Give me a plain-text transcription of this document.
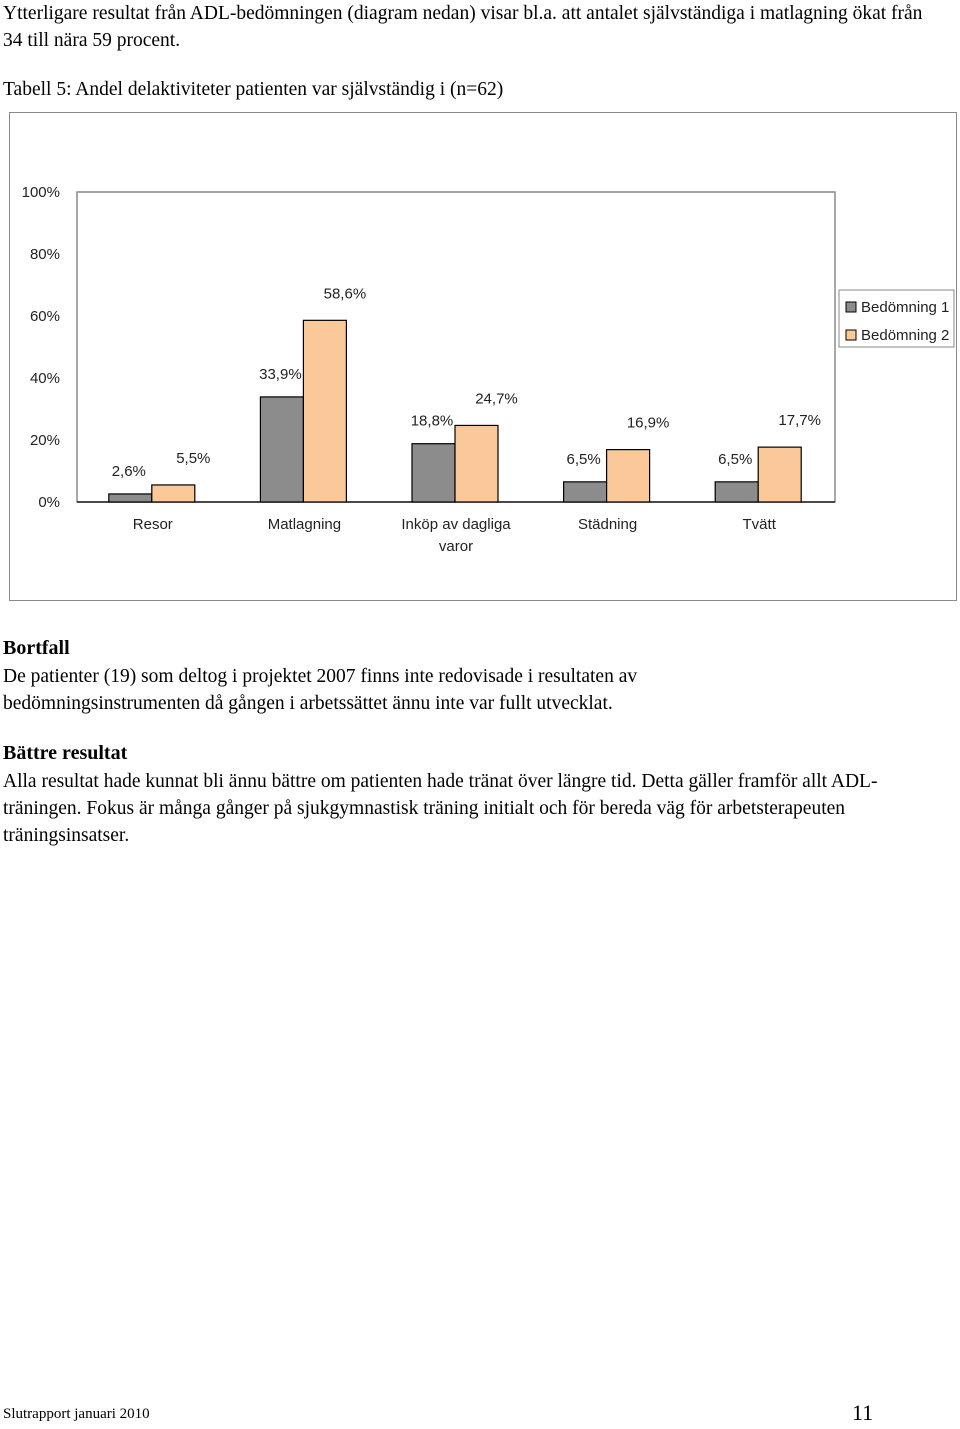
Ytterligare resultat från ADL-bedömningen (diagram nedan) visar bl.a. att antalet självständiga i matlagning ökat från 34 till nära 59 procent.

Tabell 5: Andel delaktiviteter patienten var självständig i (n=62)

0%
20%
40%
60%
80%
100%
2,6%
5,5%
Resor
33,9%
58,6%
Matlagning
18,8%
24,7%
Inköp av dagliga
varor
6,5%
16,9%
Städning
6,5%
17,7%
Tvätt
Bedömning 1
Bedömning 2
Bortfall

De patienter (19) som deltog i projektet 2007 finns inte redovisade i resultaten av bedömningsinstrumenten då gången i arbetssättet ännu inte var fullt utvecklat.

Bättre resultat

Alla resultat hade kunnat bli ännu bättre om patienten hade tränat över längre tid. Detta gäller framför allt ADL-träningen. Fokus är många gånger på sjukgymnastisk träning initialt och för bereda väg för arbetsterapeuten träningsinsatser.

Slutrapport januari 2010	11
